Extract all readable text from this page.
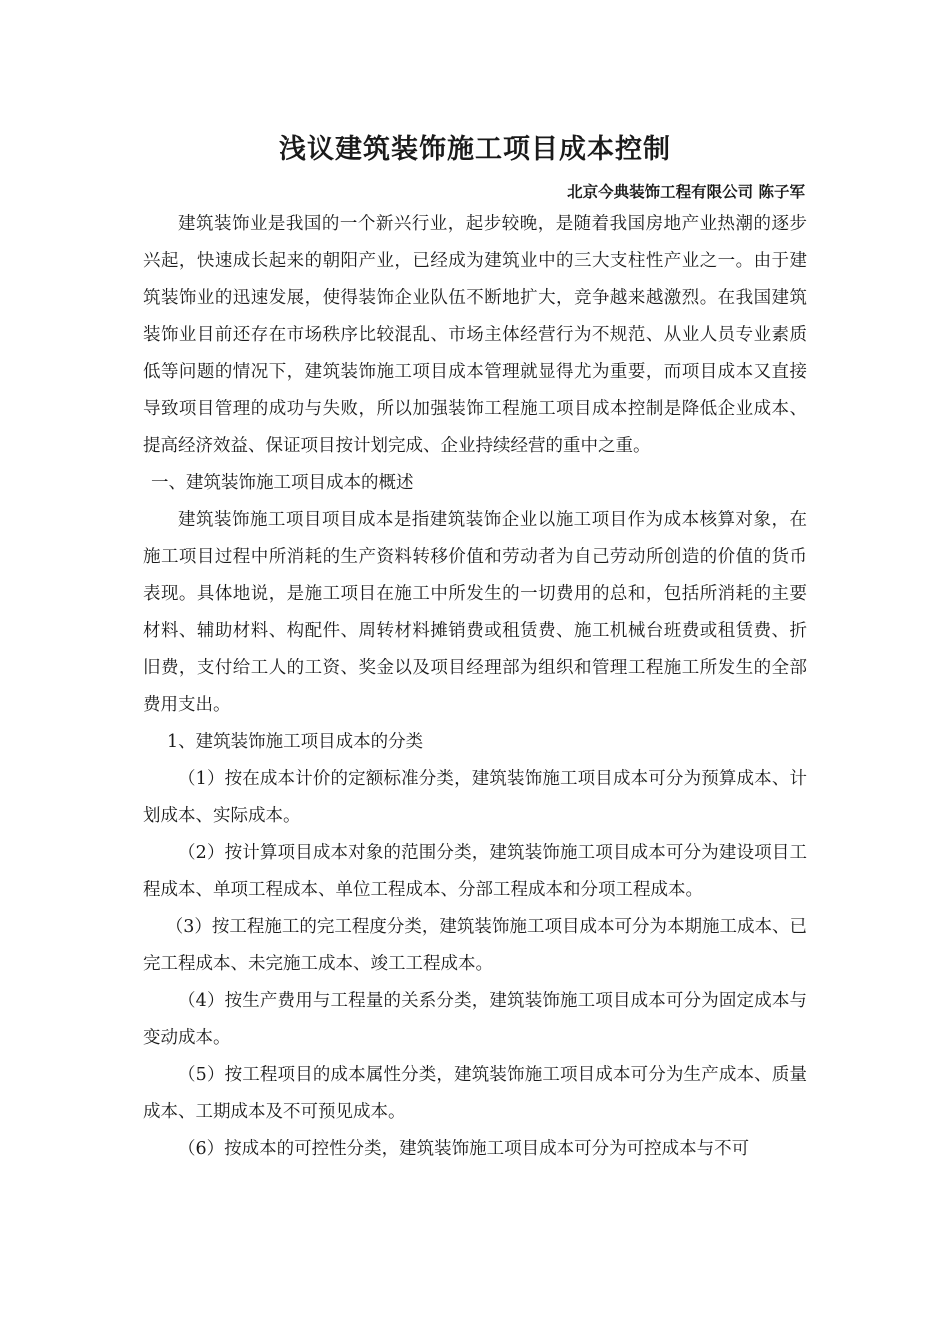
浅议建筑装饰施工项目成本控制
北京今典装饰工程有限公司 陈子军

建筑装饰业是我国的一个新兴行业，起步较晚，是随着我国房地产业热潮的逐步兴起，快速成长起来的朝阳产业，已经成为建筑业中的三大支柱性产业之一。由于建筑装饰业的迅速发展，使得装饰企业队伍不断地扩大，竞争越来越激烈。在我国建筑装饰业目前还存在市场秩序比较混乱、市场主体经营行为不规范、从业人员专业素质低等问题的情况下，建筑装饰施工项目成本管理就显得尤为重要，而项目成本又直接导致项目管理的成功与失败，所以加强装饰工程施工项目成本控制是降低企业成本、提高经济效益、保证项目按计划完成、企业持续经营的重中之重。

一、建筑装饰施工项目成本的概述

建筑装饰施工项目项目成本是指建筑装饰企业以施工项目作为成本核算对象，在施工项目过程中所消耗的生产资料转移价值和劳动者为自己劳动所创造的价值的货币表现。具体地说，是施工项目在施工中所发生的一切费用的总和，包括所消耗的主要材料、辅助材料、构配件、周转材料摊销费或租赁费、施工机械台班费或租赁费、折旧费，支付给工人的工资、奖金以及项目经理部为组织和管理工程施工所发生的全部费用支出。

1、建筑装饰施工项目成本的分类

（1）按在成本计价的定额标准分类，建筑装饰施工项目成本可分为预算成本、计划成本、实际成本。

（2）按计算项目成本对象的范围分类，建筑装饰施工项目成本可分为建设项目工程成本、单项工程成本、单位工程成本、分部工程成本和分项工程成本。

（3）按工程施工的完工程度分类，建筑装饰施工项目成本可分为本期施工成本、已完工程成本、未完施工成本、竣工工程成本。

（4）按生产费用与工程量的关系分类，建筑装饰施工项目成本可分为固定成本与变动成本。

（5）按工程项目的成本属性分类，建筑装饰施工项目成本可分为生产成本、质量成本、工期成本及不可预见成本。

（6）按成本的可控性分类，建筑装饰施工项目成本可分为可控成本与不可
